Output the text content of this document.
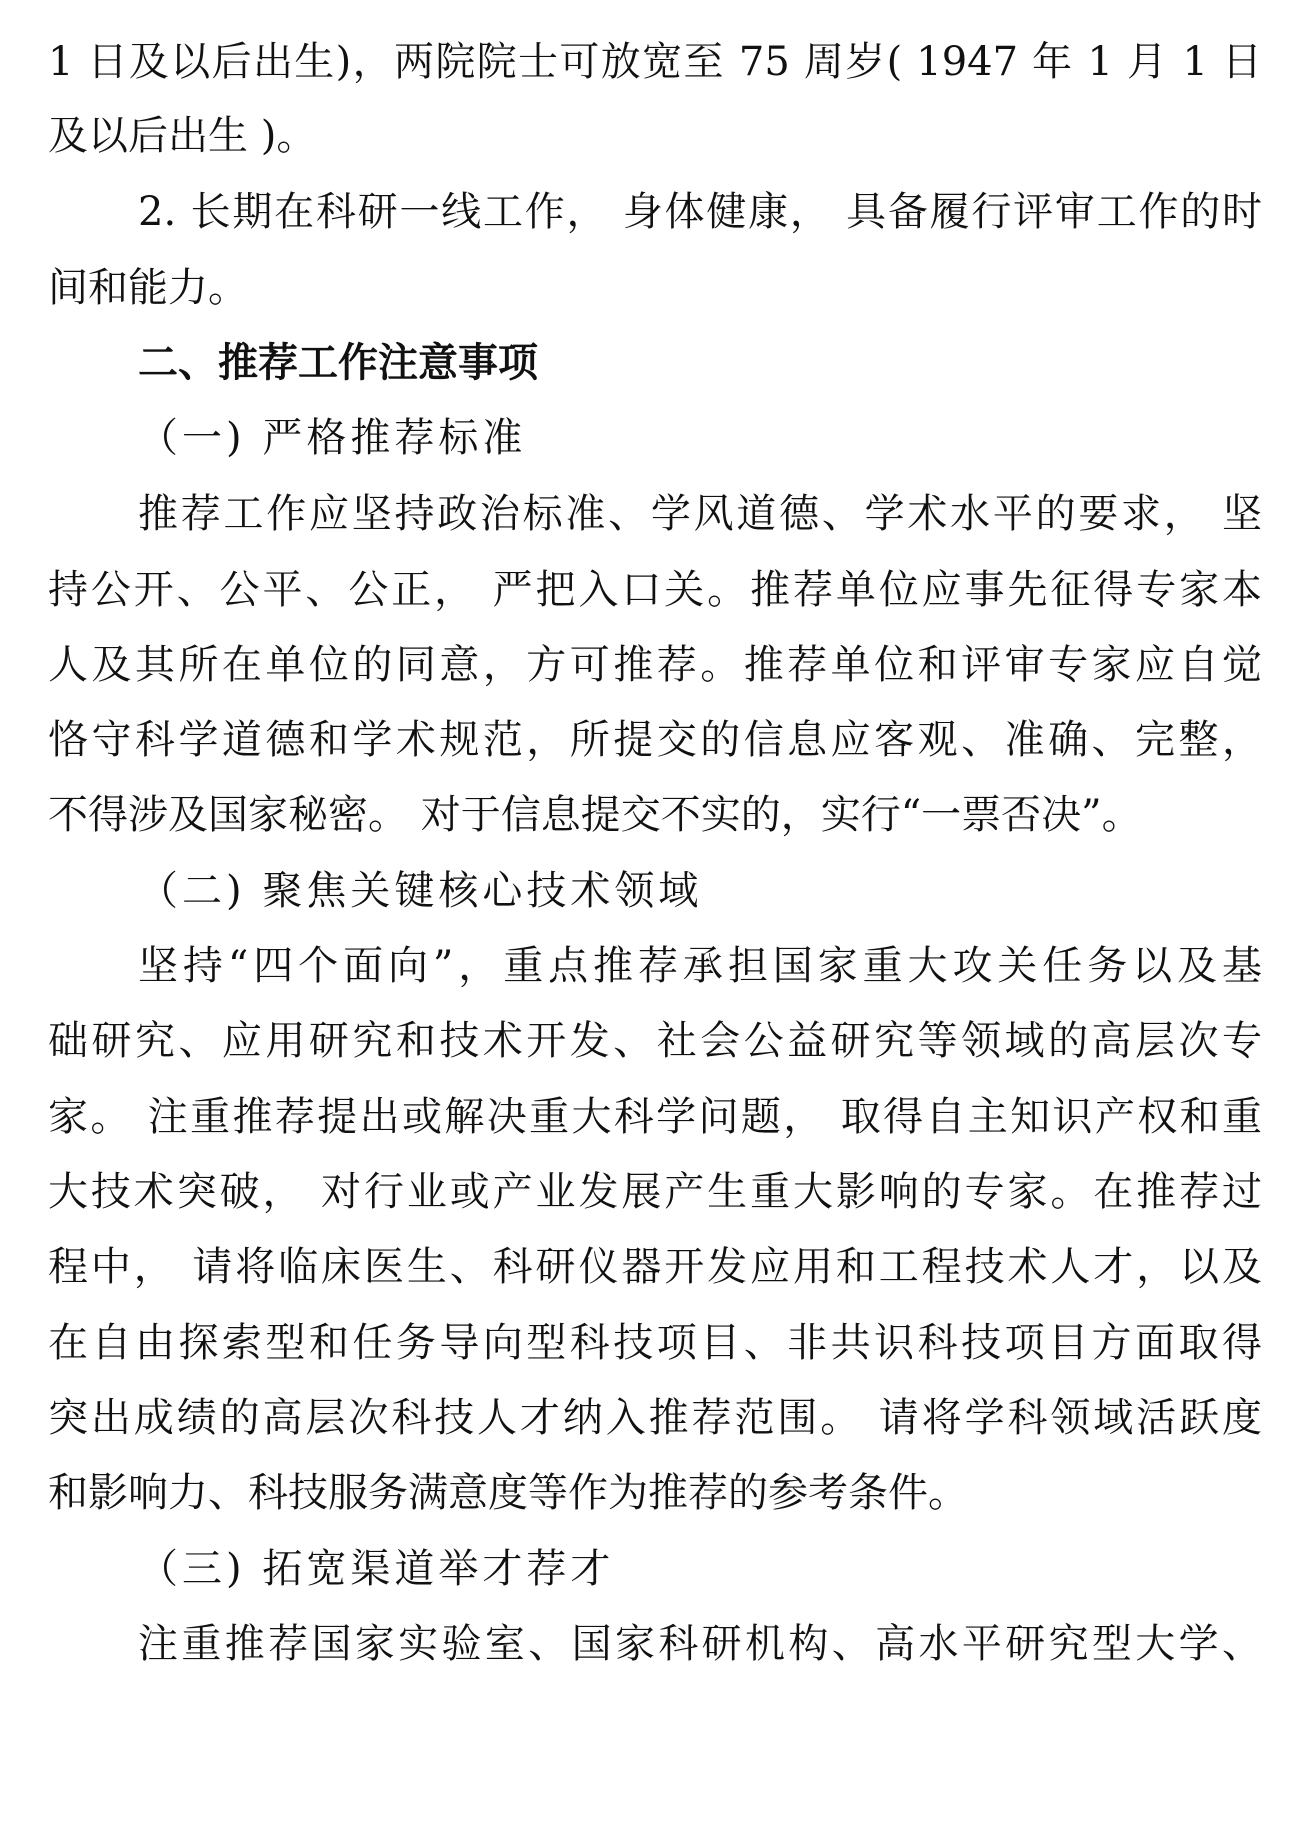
1 日及以后出生)，两院院士可放宽至 75 周岁( 1947 年 1 月 1 日
及以后出生 )。
2. 长期在科研一线工作， 身体健康， 具备履行评审工作的时
间和能力。
二、推荐工作注意事项
（一) 严格推荐标准
推荐工作应坚持政治标准、学风道德、学术水平的要求， 坚
持公开、公平、公正， 严把入口关。推荐单位应事先征得专家本
人及其所在单位的同意，方可推荐。推荐单位和评审专家应自觉
恪守科学道德和学术规范，所提交的信息应客观、准确、完整，
不得涉及国家秘密。 对于信息提交不实的，实行“一票否决”。
（二) 聚焦关键核心技术领域
坚持“四个面向”，重点推荐承担国家重大攻关任务以及基
础研究、应用研究和技术开发、社会公益研究等领域的高层次专
家。 注重推荐提出或解决重大科学问题， 取得自主知识产权和重
大技术突破， 对行业或产业发展产生重大影响的专家。在推荐过
程中， 请将临床医生、科研仪器开发应用和工程技术人才，以及
在自由探索型和任务导向型科技项目、非共识科技项目方面取得
突出成绩的高层次科技人才纳入推荐范围。 请将学科领域活跃度
和影响力、科技服务满意度等作为推荐的参考条件。
（三) 拓宽渠道举才荐才
注重推荐国家实验室、国家科研机构、高水平研究型大学、
